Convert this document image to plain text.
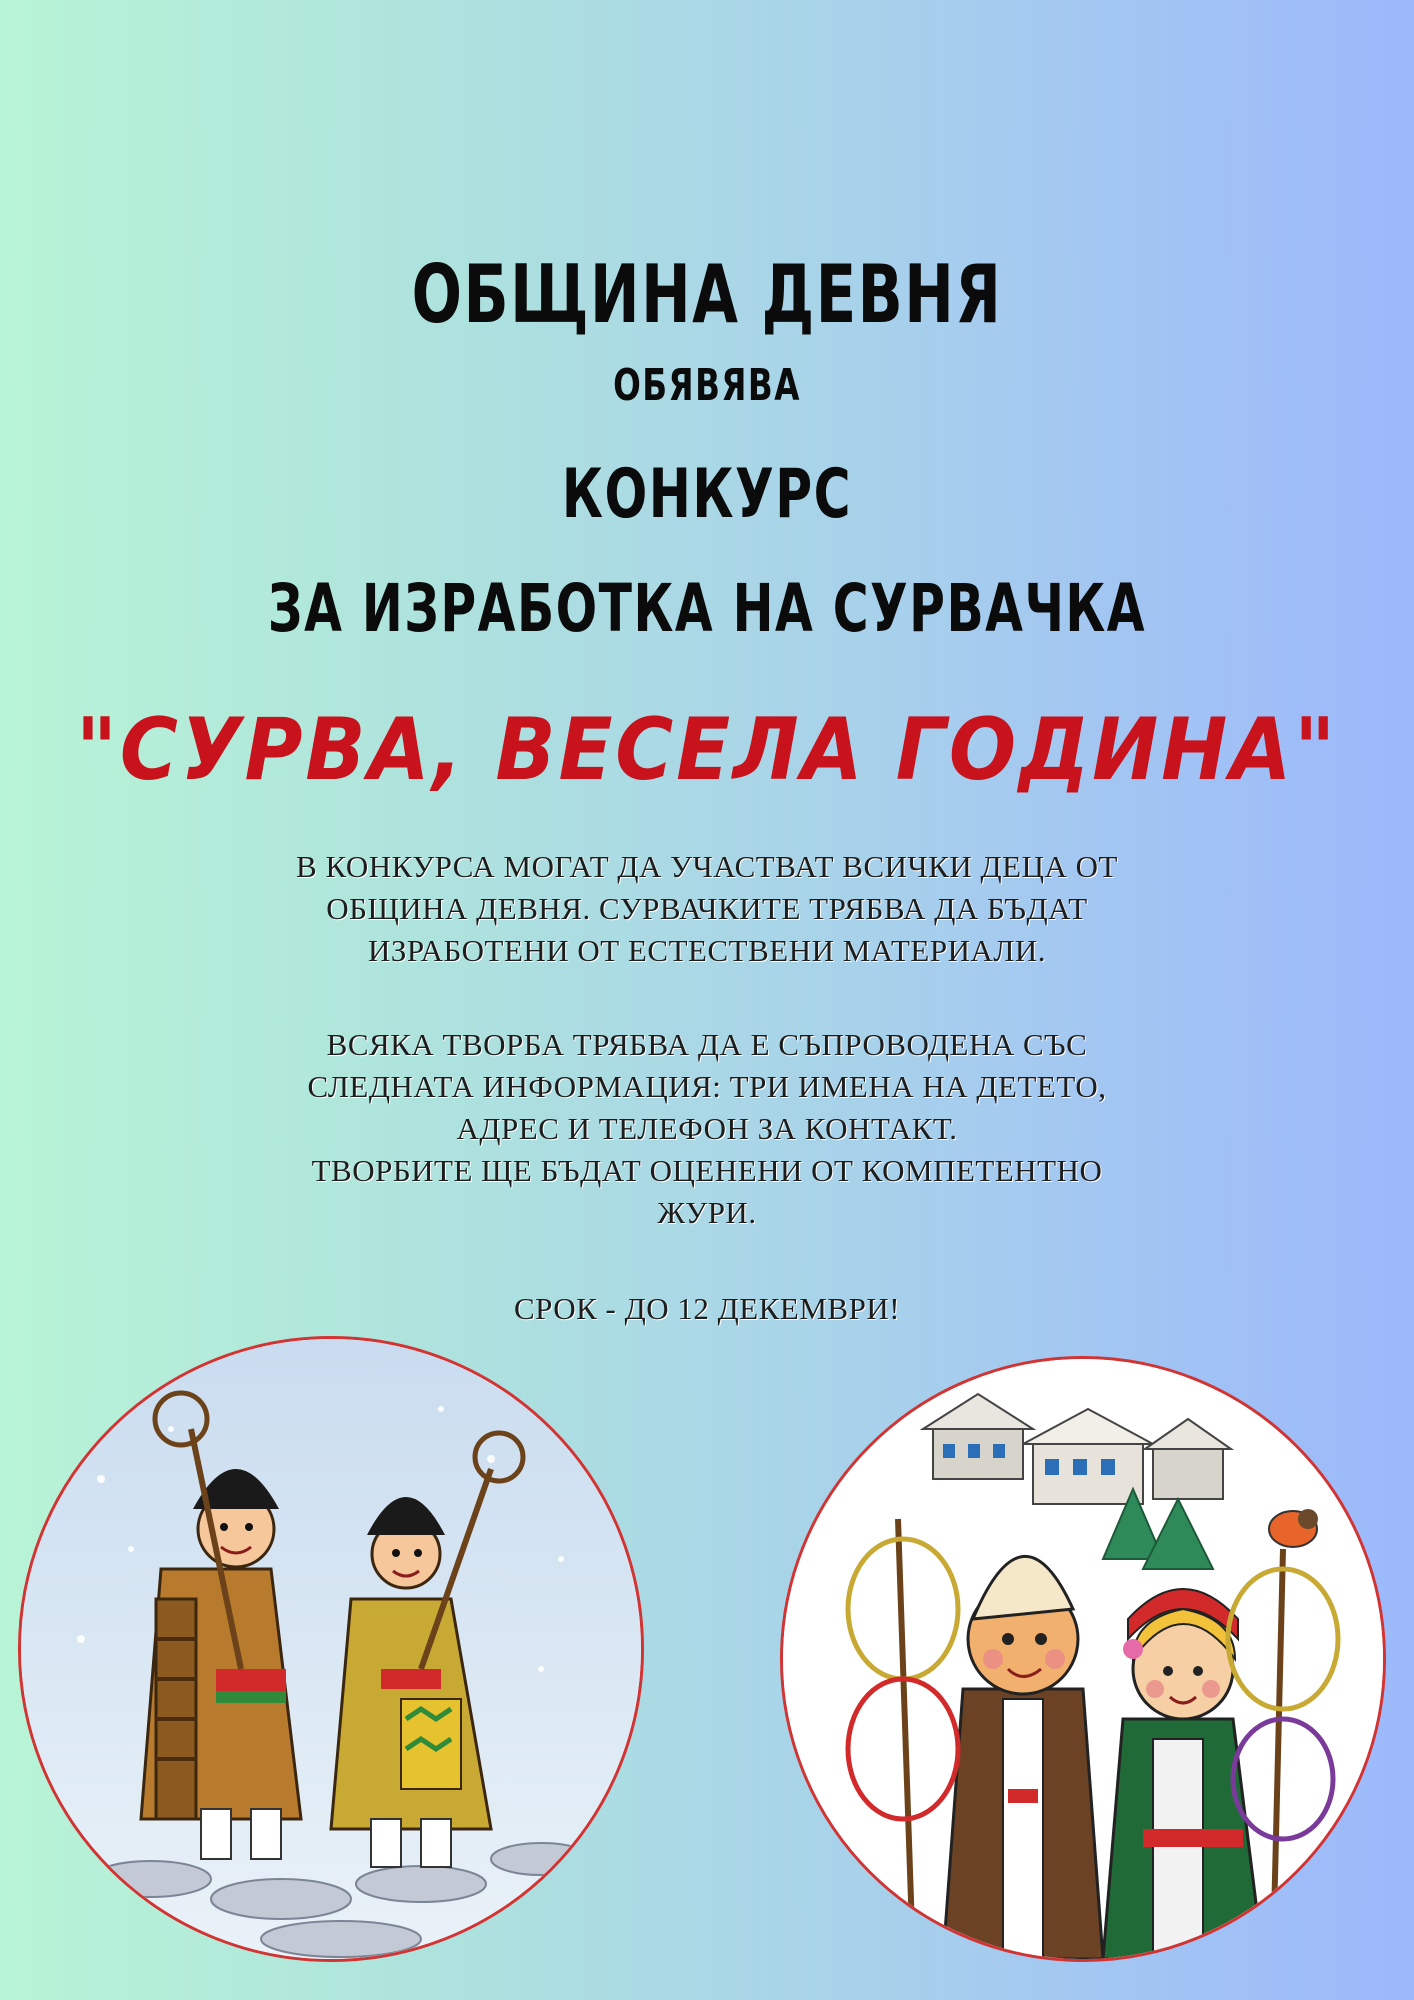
ОБЩИНА ДЕВНЯ
ОБЯВЯВА
КОНКУРС
ЗА ИЗРАБОТКА НА СУРВАЧКА
"СУРВА, ВЕСЕЛА ГОДИНА"
В КОНКУРСА МОГАТ ДА УЧАСТВАТ ВСИЧКИ ДЕЦА ОТ
ОБЩИНА ДЕВНЯ. СУРВАЧКИТЕ ТРЯБВА ДА БЪДАТ
ИЗРАБОТЕНИ ОТ ЕСТЕСТВЕНИ МАТЕРИАЛИ.
ВСЯКА ТВОРБА ТРЯБВА ДА Е СЪПРОВОДЕНА СЪС
СЛЕДНАТА ИНФОРМАЦИЯ: ТРИ ИМЕНА НА ДЕТЕТО,
АДРЕС И ТЕЛЕФОН ЗА КОНТАКТ.
ТВОРБИТЕ ЩЕ БЪДАТ ОЦЕНЕНИ ОТ КОМПЕТЕНТНО
ЖУРИ.
СРОК - ДО 12 ДЕКЕМВРИ!
